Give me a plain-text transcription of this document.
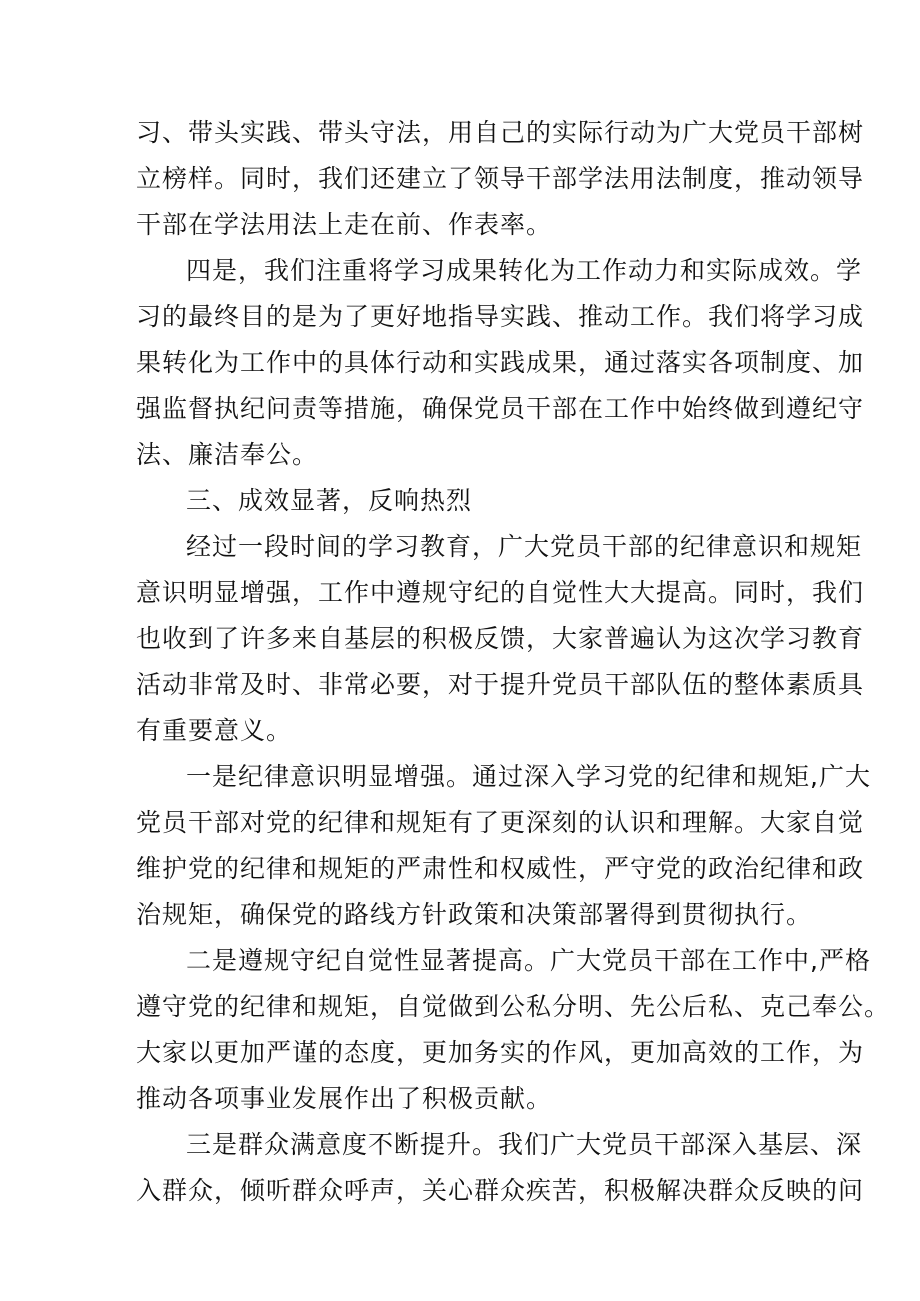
习、带头实践、带头守法，用自己的实际行动为广大党员干部树
立榜样。同时，我们还建立了领导干部学法用法制度，推动领导
干部在学法用法上走在前、作表率。

四是，我们注重将学习成果转化为工作动力和实际成效。学
习的最终目的是为了更好地指导实践、推动工作。我们将学习成
果转化为工作中的具体行动和实践成果，通过落实各项制度、加
强监督执纪问责等措施，确保党员干部在工作中始终做到遵纪守
法、廉洁奉公。

三、成效显著，反响热烈

经过一段时间的学习教育，广大党员干部的纪律意识和规矩
意识明显增强，工作中遵规守纪的自觉性大大提高。同时，我们
也收到了许多来自基层的积极反馈，大家普遍认为这次学习教育
活动非常及时、非常必要，对于提升党员干部队伍的整体素质具
有重要意义。

一是纪律意识明显增强。通过深入学习党的纪律和规矩,广大
党员干部对党的纪律和规矩有了更深刻的认识和理解。大家自觉
维护党的纪律和规矩的严肃性和权威性，严守党的政治纪律和政
治规矩，确保党的路线方针政策和决策部署得到贯彻执行。

二是遵规守纪自觉性显著提高。广大党员干部在工作中,严格
遵守党的纪律和规矩，自觉做到公私分明、先公后私、克己奉公。
大家以更加严谨的态度，更加务实的作风，更加高效的工作，为
推动各项事业发展作出了积极贡献。

三是群众满意度不断提升。我们广大党员干部深入基层、深
入群众，倾听群众呼声，关心群众疾苦，积极解决群众反映的问
